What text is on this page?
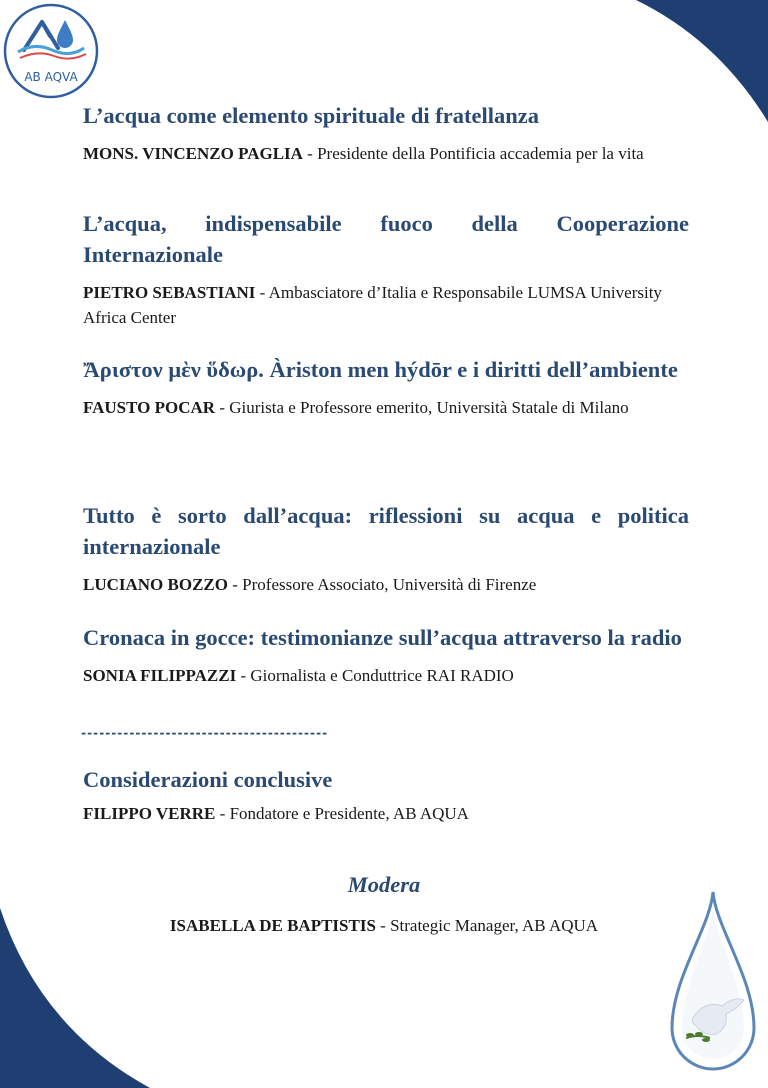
AB AQVA

L’acqua come elemento spirituale di fratellanza

MONS. VINCENZO PAGLIA - Presidente della Pontificia accademia per la vita

L’acqua, indispensabile fuoco della Cooperazione Internazionale

PIETRO SEBASTIANI - Ambasciatore d’Italia e Responsabile LUMSA University Africa Center

Ἄριστον μὲν ὕδωρ. Àriston men hýdōr e i diritti dell’ambiente

FAUSTO POCAR - Giurista e Professore emerito, Università Statale di Milano

Tutto è sorto dall’acqua: riflessioni su acqua e politica internazionale

LUCIANO BOZZO - Professore Associato, Università di Firenze

Cronaca in gocce: testimonianze sull’acqua attraverso la radio

SONIA FILIPPAZZI - Giornalista e Conduttrice RAI RADIO

-----------------------------------------

Considerazioni conclusive

FILIPPO VERRE - Fondatore e Presidente, AB AQUA

Modera
ISABELLA DE BAPTISTIS - Strategic Manager, AB AQUA
